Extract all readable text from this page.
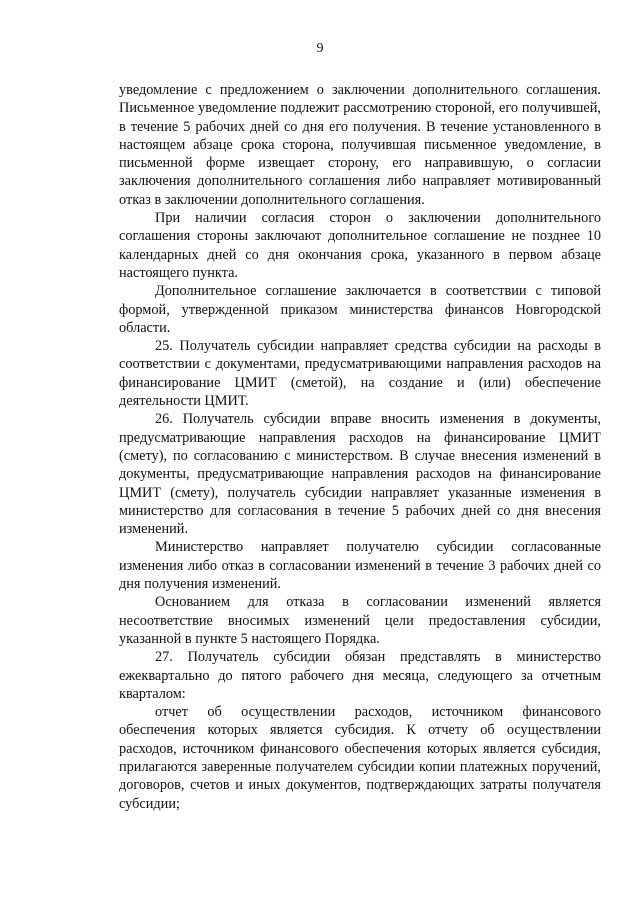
9

уведомление с предложением о заключении дополнительного соглашения. Письменное уведомление подлежит рассмотрению стороной, его получившей, в течение 5 рабочих дней со дня его получения. В течение установленного в настоящем абзаце срока сторона, получившая письменное уведомление, в письменной форме извещает сторону, его направившую, о согласии заключения дополнительного соглашения либо направляет мотивированный отказ в заключении дополнительного соглашения.

При наличии согласия сторон о заключении дополнительного соглашения стороны заключают дополнительное соглашение не позднее 10 календарных дней со дня окончания срока, указанного в первом абзаце настоящего пункта.

Дополнительное соглашение заключается в соответствии с типовой формой, утвержденной приказом министерства финансов Новгородской области.

25. Получатель субсидии направляет средства субсидии на расходы в соответствии с документами, предусматривающими направления расходов на финансирование ЦМИТ (сметой), на создание и (или) обеспечение деятельности ЦМИТ.

26. Получатель субсидии вправе вносить изменения в документы, предусматривающие направления расходов на финансирование ЦМИТ (смету), по согласованию с министерством. В случае внесения изменений в документы, предусматривающие направления расходов на финансирование ЦМИТ (смету), получатель субсидии направляет указанные изменения в министерство для согласования в течение 5 рабочих дней со дня внесения изменений.

Министерство направляет получателю субсидии согласованные изменения либо отказ в согласовании изменений в течение 3 рабочих дней со дня получения изменений.

Основанием для отказа в согласовании изменений является несоответствие вносимых изменений цели предоставления субсидии, указанной в пункте 5 настоящего Порядка.

27. Получатель субсидии обязан представлять в министерство ежеквартально до пятого рабочего дня месяца, следующего за отчетным кварталом:

отчет об осуществлении расходов, источником финансового обеспечения которых является субсидия. К отчету об осуществлении расходов, источником финансового обеспечения которых является субсидия, прилагаются заверенные получателем субсидии копии платежных поручений, договоров, счетов и иных документов, подтверждающих затраты получателя субсидии;
